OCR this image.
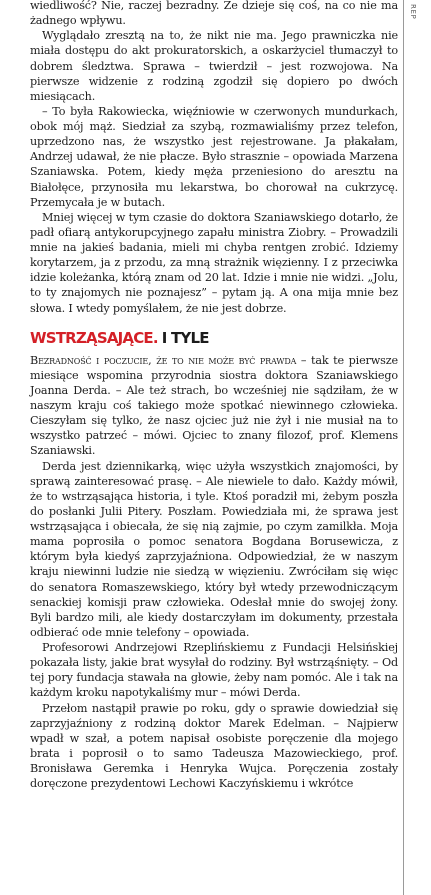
REP

wiedliwość? Nie, raczej bezradny. Że dzieje się coś, na co nie ma żadnego wpływu.

Wyglądało zresztą na to, że nikt nie ma. Jego prawniczka nie miała dostępu do akt prokuratorskich, a oskarżyciel tłumaczył to dobrem śledztwa. Sprawa – twierdził – jest rozwojowa. Na pierwsze widzenie z rodziną zgodził się dopiero po dwóch miesiącach.

– To była Rakowiecka, więźniowie w czerwonych mundurkach, obok mój mąż. Siedział za szybą, rozmawialiśmy przez telefon, uprzedzono nas, że wszystko jest rejestrowane. Ja płakałam, Andrzej udawał, że nie płacze. Było strasznie – opowiada Marzena Szaniawska. Potem, kiedy męża przeniesiono do aresztu na Białołęce, przynosiła mu lekarstwa, bo chorował na cukrzycę. Przemycała je w butach.

Mniej więcej w tym czasie do doktora Szaniawskiego dotarło, że padł ofiarą antykorupcyjnego zapału ministra Ziobry. – Prowadzili mnie na jakieś badania, mieli mi chyba rentgen zrobić. Idziemy korytarzem, ja z przodu, za mną strażnik więzienny. I z przeciwka idzie koleżanka, którą znam od 20 lat. Idzie i mnie nie widzi. „Jolu, to ty znajomych nie poznajesz” – pytam ją. A ona mija mnie bez słowa. I wtedy pomyślałem, że nie jest dobrze.

WSTRZĄSAJĄCE. I TYLE

Bezradność i poczucie, że to nie może być prawda – tak te pierwsze miesiące wspomina przyrodnia siostra doktora Szaniawskiego Joanna Derda. – Ale też strach, bo wcześniej nie sądziłam, że w naszym kraju coś takiego może spotkać niewinnego człowieka. Cieszyłam się tylko, że nasz ojciec już nie żył i nie musiał na to wszystko patrzeć – mówi. Ojciec to znany filozof, prof. Klemens Szaniawski.

Derda jest dziennikarką, więc użyła wszystkich znajomości, by sprawą zainteresować prasę. – Ale niewiele to dało. Każdy mówił, że to wstrząsająca historia, i tyle. Ktoś poradził mi, żebym poszła do posłanki Julii Pitery. Poszłam. Powiedziała mi, że sprawa jest wstrząsająca i obiecała, że się nią zajmie, po czym zamilkła. Moja mama poprosiła o pomoc senatora Bogdana Borusewicza, z którym była kiedyś zaprzyjaźniona. Odpowiedział, że w naszym kraju niewinni ludzie nie siedzą w więzieniu. Zwróciłam się więc do senatora Romaszewskiego, który był wtedy przewodniczącym senackiej komisji praw człowieka. Odesłał mnie do swojej żony. Byli bardzo mili, ale kiedy dostarczyłam im dokumenty, przestała odbierać ode mnie telefony – opowiada.

Profesorowi Andrzejowi Rzeplińskiemu z Fundacji Helsińskiej pokazała listy, jakie brat wysyłał do rodziny. Był wstrząśnięty. – Od tej pory fundacja stawała na głowie, żeby nam pomóc. Ale i tak na każdym kroku napotykaliśmy mur – mówi Derda.

Przełom nastąpił prawie po roku, gdy o sprawie dowiedział się zaprzyjaźniony z rodziną doktor Marek Edelman. – Najpierw wpadł w szał, a potem napisał osobiste poręczenie dla mojego brata i poprosił o to samo Tadeusza Mazowieckiego, prof. Bronisława Geremka i Henryka Wujca. Poręczenia zostały doręczone prezydentowi Lechowi Kaczyńskiemu i wkrótce
